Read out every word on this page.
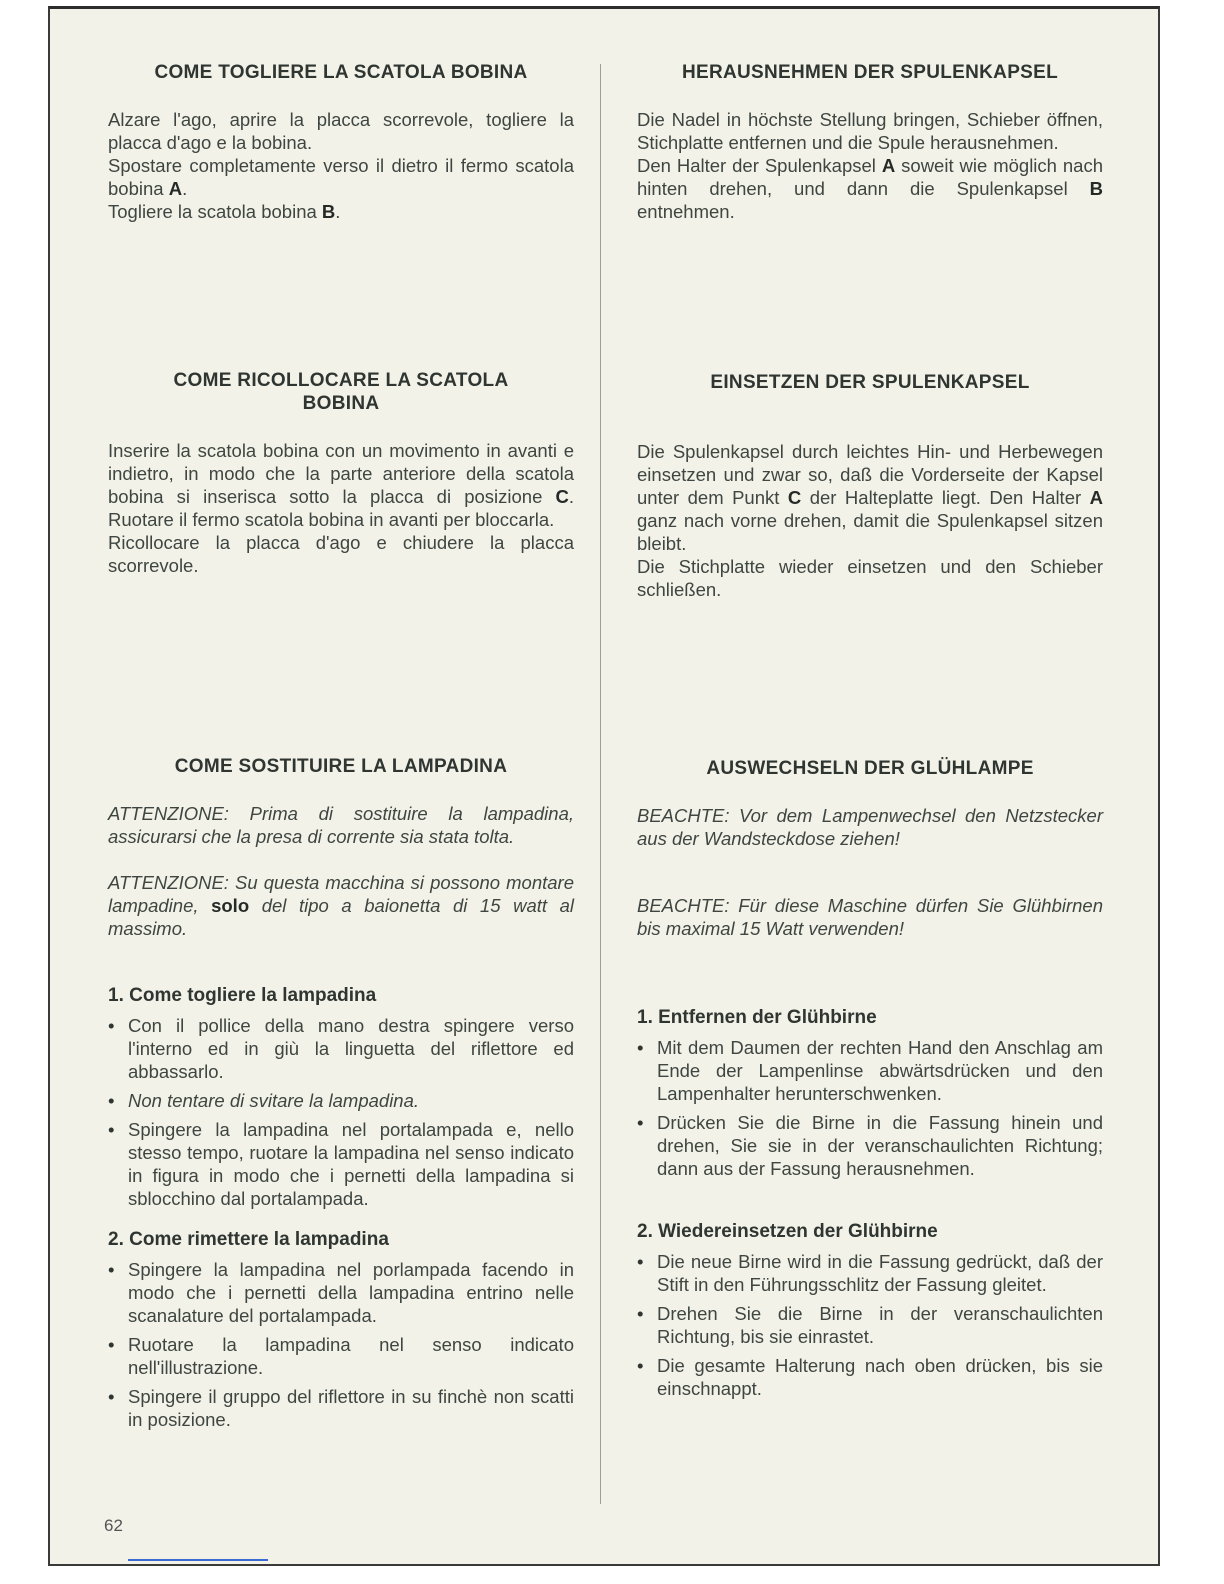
COME TOGLIERE LA SCATOLA BOBINA

Alzare l'ago, aprire la placca scorrevole, togliere la placca d'ago e la bobina.

Spostare completamente verso il dietro il fermo scatola bobina A.

Togliere la scatola bobina B.

COME RICOLLOCARE LA SCATOLA BOBINA

Inserire la scatola bobina con un movimento in avanti e indietro, in modo che la parte anteriore della scatola bobina si inserisca sotto la placca di posizione C. Ruotare il fermo scatola bobina in avanti per bloccarla.

Ricollocare la placca d'ago e chiudere la placca scorrevole.

COME SOSTITUIRE LA LAMPADINA

ATTENZIONE: Prima di sostituire la lampadina, assicurarsi che la presa di corrente sia stata tolta.

ATTENZIONE: Su questa macchina si possono montare lampadine, solo del tipo a baionetta di 15 watt al massimo.

1. Come togliere la lampadina
• Con il pollice della mano destra spingere verso l'interno ed in giù la linguetta del riflettore ed abbassarlo.
• Non tentare di svitare la lampadina.
• Spingere la lampadina nel portalampada e, nello stesso tempo, ruotare la lampadina nel senso indicato in figura in modo che i pernetti della lampadina si sblocchino dal portalampada.
2. Come rimettere la lampadina
• Spingere la lampadina nel porlampada facendo in modo che i pernetti della lampadina entrino nelle scanalature del portalampada.
• Ruotare la lampadina nel senso indicato nell'illustrazione.
• Spingere il gruppo del riflettore in su finchè non scatti in posizione.
HERAUSNEHMEN DER SPULENKAPSEL

Die Nadel in höchste Stellung bringen, Schieber öffnen, Stichplatte entfernen und die Spule herausnehmen.

Den Halter der Spulenkapsel A soweit wie möglich nach hinten drehen, und dann die Spulenkapsel B entnehmen.

EINSETZEN DER SPULENKAPSEL

Die Spulenkapsel durch leichtes Hin- und Herbewegen einsetzen und zwar so, daß die Vorderseite der Kapsel unter dem Punkt C der Halteplatte liegt. Den Halter A ganz nach vorne drehen, damit die Spulenkapsel sitzen bleibt.

Die Stichplatte wieder einsetzen und den Schieber schließen.

AUSWECHSELN DER GLÜHLAMPE

BEACHTE: Vor dem Lampenwechsel den Netzstecker aus der Wandsteckdose ziehen!

BEACHTE: Für diese Maschine dürfen Sie Glühbirnen bis maximal 15 Watt verwenden!

1. Entfernen der Glühbirne
• Mit dem Daumen der rechten Hand den Anschlag am Ende der Lampenlinse abwärtsdrücken und den Lampenhalter herunterschwenken.
• Drücken Sie die Birne in die Fassung hinein und drehen, Sie sie in der veranschaulichten Richtung; dann aus der Fassung herausnehmen.
2. Wiedereinsetzen der Glühbirne
• Die neue Birne wird in die Fassung gedrückt, daß der Stift in den Führungsschlitz der Fassung gleitet.
• Drehen Sie die Birne in der veranschaulichten Richtung, bis sie einrastet.
• Die gesamte Halterung nach oben drücken, bis sie einschnappt.
62
